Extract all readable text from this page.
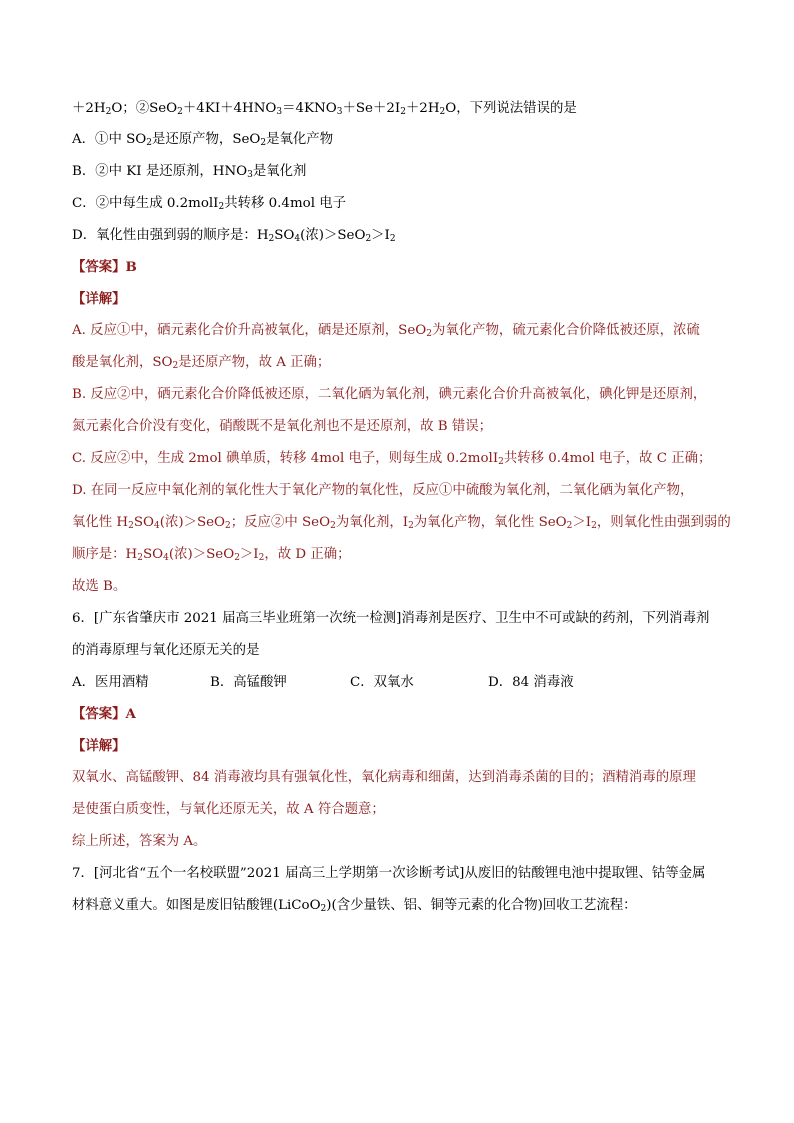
$+2H_2O$；$②SeO_2+4KI+4HNO_3=4KNO_3+Se+2I_2+2H_2O$，下列说法错误的是
A．①中 $SO_2$是还原产物，SeO$_2$是氧化产物
B．②中 KI 是还原剂，$HNO_3$是氧化剂
C．②中每生成 0.2molI$_2$共转移 0.4mol 电子
D．氧化性由强到弱的顺序是：$H_2SO_4$(浓)$>SeO_2>I_2$
【答案】B
【详解】
A. 反应①中，硒元素化合价升高被氧化，硒是还原剂，SeO$_2$为氧化产物，硫元素化合价降低被还原，浓硫
酸是氧化剂，$SO_2$是还原产物，故 A 正确；
B. 反应②中，硒元素化合价降低被还原，二氧化硒为氧化剂，碘元素化合价升高被氧化，碘化钾是还原剂，
氮元素化合价没有变化，硝酸既不是氧化剂也不是还原剂，故 B 错误；
C. 反应②中，生成 2mol 碘单质，转移 4mol 电子，则每生成 0.2molI$_2$共转移 0.4mol 电子，故 C 正确；
D. 在同一反应中氧化剂的氧化性大于氧化产物的氧化性，反应①中硫酸为氧化剂，二氧化硒为氧化产物，
氧化性 $H_2SO_4$(浓)＞SeO$_2$；反应②中 SeO$_2$为氧化剂，$I_2$为氧化产物，氧化性 $SeO_2>I_2$，则氧化性由强到弱的
顺序是：$H_2SO_4$(浓)$>SeO_2>I_2$，故 D 正确；
故选 B。
6．[广东省肇庆市 2021 届高三毕业班第一次统一检测]消毒剂是医疗、卫生中不可或缺的药剂，下列消毒剂
的消毒原理与氧化还原无关的是
A．医用酒精	B．高锰酸钾	C．双氧水	D．84 消毒液
【答案】A
【详解】
双氧水、高锰酸钾、84 消毒液均具有强氧化性，氧化病毒和细菌，达到消毒杀菌的目的；酒精消毒的原理
是使蛋白质变性，与氧化还原无关，故 A 符合题意；
综上所述，答案为 A。
7．[河北省“五个一名校联盟”2021 届高三上学期第一次诊断考试]从废旧的钴酸锂电池中提取锂、钴等金属
材料意义重大。如图是废旧钴酸锂(LiCoO$_2$)(含少量铁、铝、铜等元素的化合物)回收工艺流程：
